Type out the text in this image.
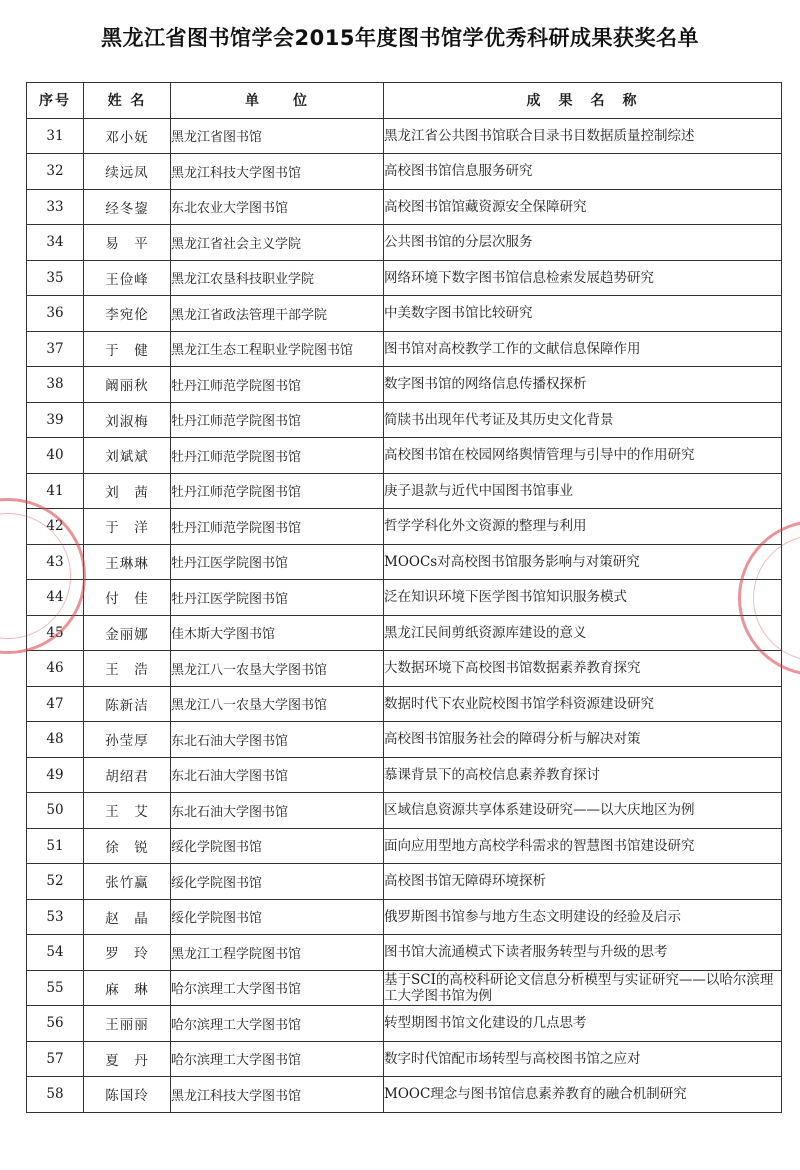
黑龙江省图书馆学会2015年度图书馆学优秀科研成果获奖名单
序号	姓 名	单　　位	成　果　名　称
31	邓小妩	黑龙江省图书馆	黑龙江省公共图书馆联合目录书目数据质量控制综述
32	续远凤	黑龙江科技大学图书馆	高校图书馆信息服务研究
33	经冬鋆	东北农业大学图书馆	高校图书馆馆藏资源安全保障研究
34	易　平	黑龙江省社会主义学院	公共图书馆的分层次服务
35	王俭峰	黑龙江农垦科技职业学院	网络环境下数字图书馆信息检索发展趋势研究
36	李宛伦	黑龙江省政法管理干部学院	中美数字图书馆比较研究
37	于　健	黑龙江生态工程职业学院图书馆	图书馆对高校教学工作的文献信息保障作用
38	阚丽秋	牡丹江师范学院图书馆	数字图书馆的网络信息传播权探析
39	刘淑梅	牡丹江师范学院图书馆	简牍书出现年代考证及其历史文化背景
40	刘斌斌	牡丹江师范学院图书馆	高校图书馆在校园网络舆情管理与引导中的作用研究
41	刘　茜	牡丹江师范学院图书馆	庚子退款与近代中国图书馆事业
42	于　洋	牡丹江师范学院图书馆	哲学学科化外文资源的整理与利用
43	王琳琳	牡丹江医学院图书馆	MOOCs对高校图书馆服务影响与对策研究
44	付　佳	牡丹江医学院图书馆	泛在知识环境下医学图书馆知识服务模式
45	金丽娜	佳木斯大学图书馆	黑龙江民间剪纸资源库建设的意义
46	王　浩	黑龙江八一农垦大学图书馆	大数据环境下高校图书馆数据素养教育探究
47	陈新洁	黑龙江八一农垦大学图书馆	数据时代下农业院校图书馆学科资源建设研究
48	孙莹厚	东北石油大学图书馆	高校图书馆服务社会的障碍分析与解决对策
49	胡绍君	东北石油大学图书馆	慕课背景下的高校信息素养教育探讨
50	王　艾	东北石油大学图书馆	区域信息资源共享体系建设研究——以大庆地区为例
51	徐　锐	绥化学院图书馆	面向应用型地方高校学科需求的智慧图书馆建设研究
52	张竹赢	绥化学院图书馆	高校图书馆无障碍环境探析
53	赵　晶	绥化学院图书馆	俄罗斯图书馆参与地方生态文明建设的经验及启示
54	罗　玲	黑龙江工程学院图书馆	图书馆大流通模式下读者服务转型与升级的思考
55	麻　琳	哈尔滨理工大学图书馆	基于SCI的高校科研论文信息分析模型与实证研究——以哈尔滨理工大学图书馆为例
56	王丽丽	哈尔滨理工大学图书馆	转型期图书馆文化建设的几点思考
57	夏　丹	哈尔滨理工大学图书馆	数字时代馆配市场转型与高校图书馆之应对
58	陈国玲	黑龙江科技大学图书馆	MOOC理念与图书馆信息素养教育的融合机制研究
